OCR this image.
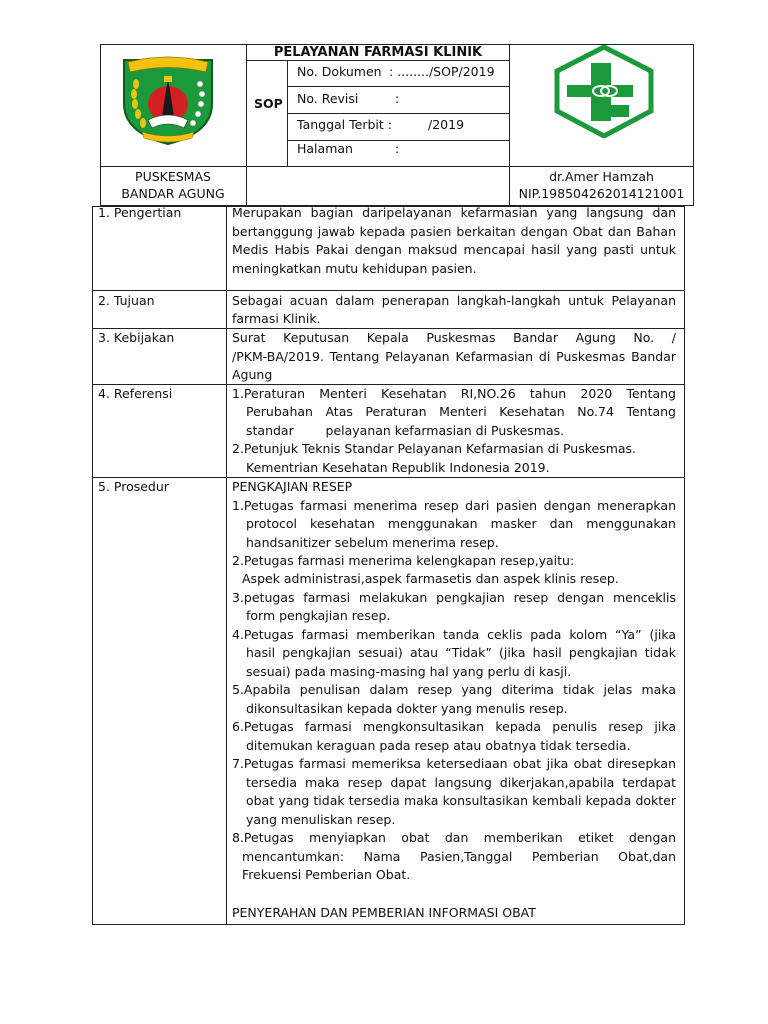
PELAYANAN FARMASI KLINIK
SOP
No. Dokumen : ......../SOP/2019
No. Revisi	:
Tanggal Terbit :	/2019
Halaman	:
PUSKESMAS
BANDAR AGUNG
dr.Amer Hamzah
NIP.198504262014121001
1. Pengertian	Merupakan bagian daripelayanan kefarmasian yang langsung dan
bertanggung jawab kepada pasien berkaitan dengan Obat dan Bahan
Medis Habis Pakai dengan maksud mencapai hasil yang pasti untuk
meningkatkan mutu kehidupan pasien.
2. Tujuan	Sebagai acuan dalam penerapan langkah-langkah untuk Pelayanan
farmasi Klinik.
3. Kebijakan	Surat Keputusan Kepala Puskesmas Bandar Agung No. /
/PKM-BA/2019. Tentang Pelayanan Kefarmasian di Puskesmas Bandar
Agung
4. Referensi	1.Peraturan Menteri Kesehatan RI,NO.26 tahun 2020 Tentang
Perubahan Atas Peraturan Menteri Kesehatan No.74 Tentang
standar        pelayanan kefarmasian di Puskesmas.
2.Petunjuk Teknis Standar Pelayanan Kefarmasian di Puskesmas.
Kementrian Kesehatan Republik Indonesia 2019.
5. Prosedur	PENGKAJIAN RESEP
1.Petugas farmasi menerima resep dari pasien dengan menerapkan
protocol kesehatan menggunakan masker dan menggunakan
handsanitizer sebelum menerima resep.
2.Petugas farmasi menerima kelengkapan resep,yaitu:
Aspek administrasi,aspek farmasetis dan aspek klinis resep.
3.petugas farmasi melakukan pengkajian resep dengan menceklis
form pengkajian resep.
4.Petugas farmasi memberikan tanda ceklis pada kolom “Ya” (jika
hasil pengkajian sesuai) atau “Tidak” (jika hasil pengkajian tidak
sesuai) pada masing-masing hal yang perlu di kasji.
5.Apabila penulisan dalam resep yang diterima tidak jelas maka
dikonsultasikan kepada dokter yang menulis resep.
6.Petugas farmasi mengkonsultasikan kepada penulis resep jika
ditemukan keraguan pada resep atau obatnya tidak tersedia.
7.Petugas farmasi memeriksa ketersediaan obat jika obat diresepkan
tersedia maka resep dapat langsung dikerjakan,apabila terdapat
obat yang tidak tersedia maka konsultasikan kembali kepada dokter
yang menuliskan resep.
8.Petugas menyiapkan obat dan memberikan etiket dengan
mencantumkan: Nama Pasien,Tanggal Pemberian Obat,dan
Frekuensi Pemberian Obat.
PENYERAHAN DAN PEMBERIAN INFORMASI OBAT
